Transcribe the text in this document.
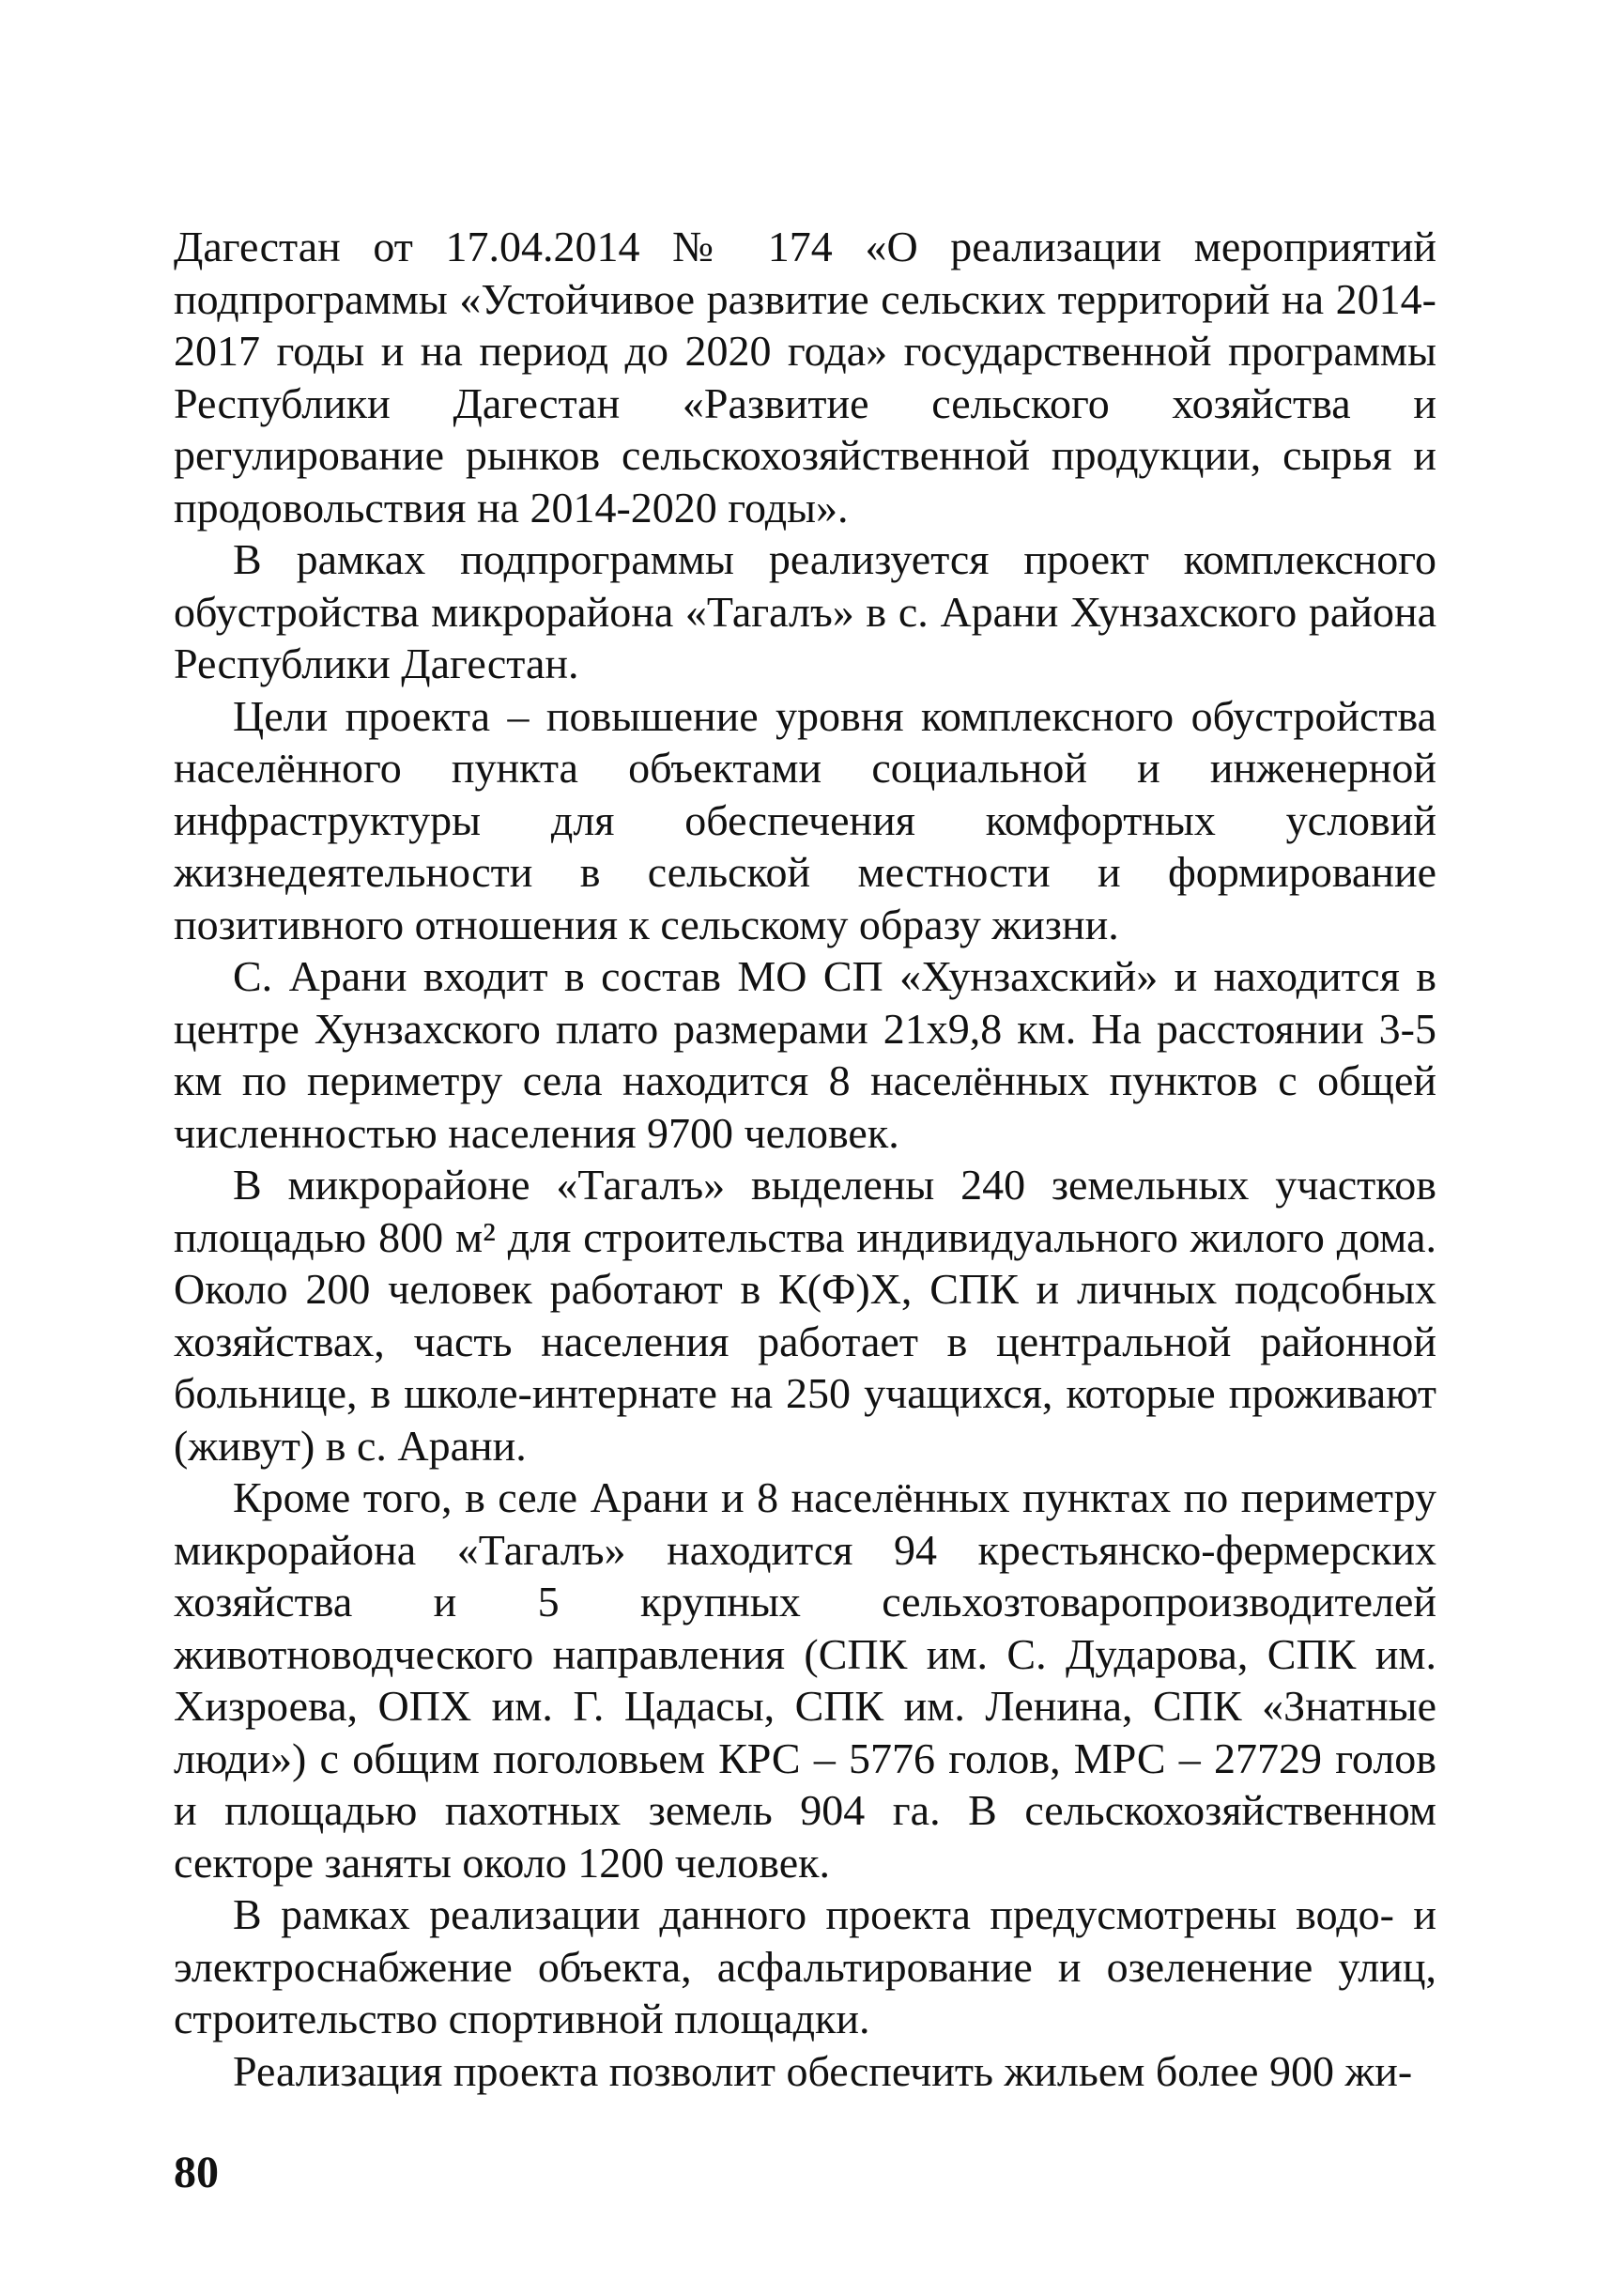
Дагестан от 17.04.2014 № 174 «О реализации мероприятий подпрограммы «Устойчивое развитие сельских территорий на 2014-2017 годы и на период до 2020 года» государственной программы Республики Дагестан «Развитие сельского хозяйства и регулирование рынков сельскохозяйственной продукции, сырья и продовольствия на 2014-2020 годы».

В рамках подпрограммы реализуется проект комплексного обустройства микрорайона «Тагалъ» в с. Арани Хунзахского района Республики Дагестан.

Цели проекта – повышение уровня комплексного обустройства населённого пункта объектами социальной и инженерной инфраструктуры для обеспечения комфортных условий жизнедеятельности в сельской местности и формирование позитивного отношения к сельскому образу жизни.

С. Арани входит в состав МО СП «Хунзахский» и находится в центре Хунзахского плато размерами 21х9,8 км. На расстоянии 3-5 км по периметру села находится 8 населённых пунктов с общей численностью населения 9700 человек.

В микрорайоне «Тагалъ» выделены 240 земельных участков площадью 800 м² для строительства индивидуального жилого дома. Около 200 человек работают в К(Ф)Х, СПК и личных подсобных хозяйствах, часть населения работает в центральной районной больнице, в школе-интернате на 250 учащихся, которые проживают (живут) в с. Арани.

Кроме того, в селе Арани и 8 населённых пунктах по периметру микрорайона «Тагалъ» находится 94 крестьянско-фермерских хозяйства и 5 крупных сельхозтоваропроизводителей животноводческого направления (СПК им. С. Дударова, СПК им. Хизроева, ОПХ им. Г. Цадасы, СПК им. Ленина, СПК «Знатные люди») с общим поголовьем КРС – 5776 голов, МРС – 27729 голов и площадью пахотных земель 904 га. В сельскохозяйственном секторе заняты около 1200 человек.

В рамках реализации данного проекта предусмотрены водо- и электроснабжение объекта, асфальтирование и озеленение улиц, строительство спортивной площадки.

Реализация проекта позволит обеспечить жильем более 900 жи-

80
